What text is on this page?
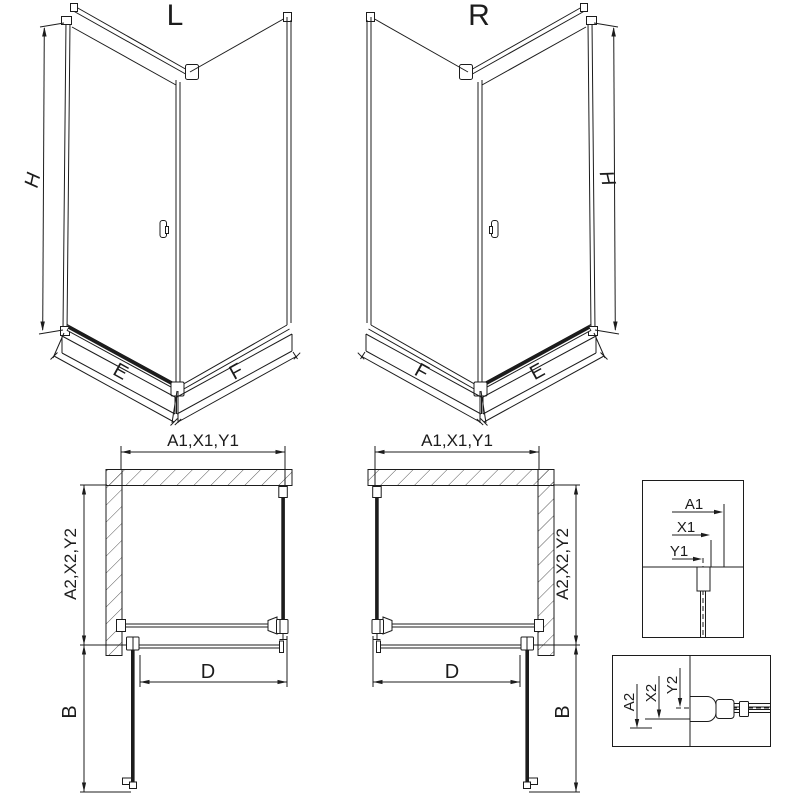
L
H
E	F
R
H
F	E
A1,X1,Y1
A2,X2,Y2
B
D
A1,X1,Y1
A2,X2,Y2
B
D
A1
X1
Y1
A2 X2 Y2
